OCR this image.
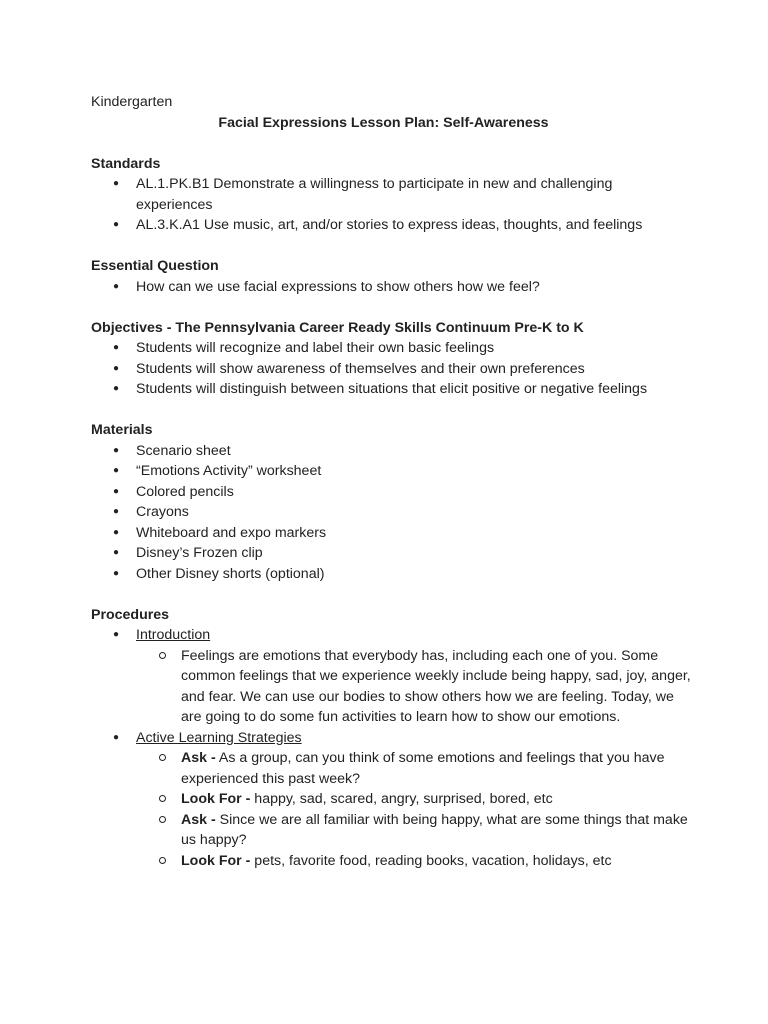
Kindergarten

Facial Expressions Lesson Plan: Self-Awareness

Standards

● AL.1.PK.B1 Demonstrate a willingness to participate in new and challenging experiences
● AL.3.K.A1 Use music, art, and/or stories to express ideas, thoughts, and feelings

Essential Question

● How can we use facial expressions to show others how we feel?

Objectives - The Pennsylvania Career Ready Skills Continuum Pre-K to K

● Students will recognize and label their own basic feelings
● Students will show awareness of themselves and their own preferences
● Students will distinguish between situations that elicit positive or negative feelings

Materials

● Scenario sheet
● “Emotions Activity” worksheet
● Colored pencils
● Crayons
● Whiteboard and expo markers
● Disney’s Frozen clip
● Other Disney shorts (optional)

Procedures

● Introduction
Feelings are emotions that everybody has, including each one of you. Some common feelings that we experience weekly include being happy, sad, joy, anger, and fear. We can use our bodies to show others how we are feeling. Today, we are going to do some fun activities to learn how to show our emotions.
● Active Learning Strategies
Ask - As a group, can you think of some emotions and feelings that you have experienced this past week?
Look For - happy, sad, scared, angry, surprised, bored, etc
Ask - Since we are all familiar with being happy, what are some things that make us happy?
Look For - pets, favorite food, reading books, vacation, holidays, etc
